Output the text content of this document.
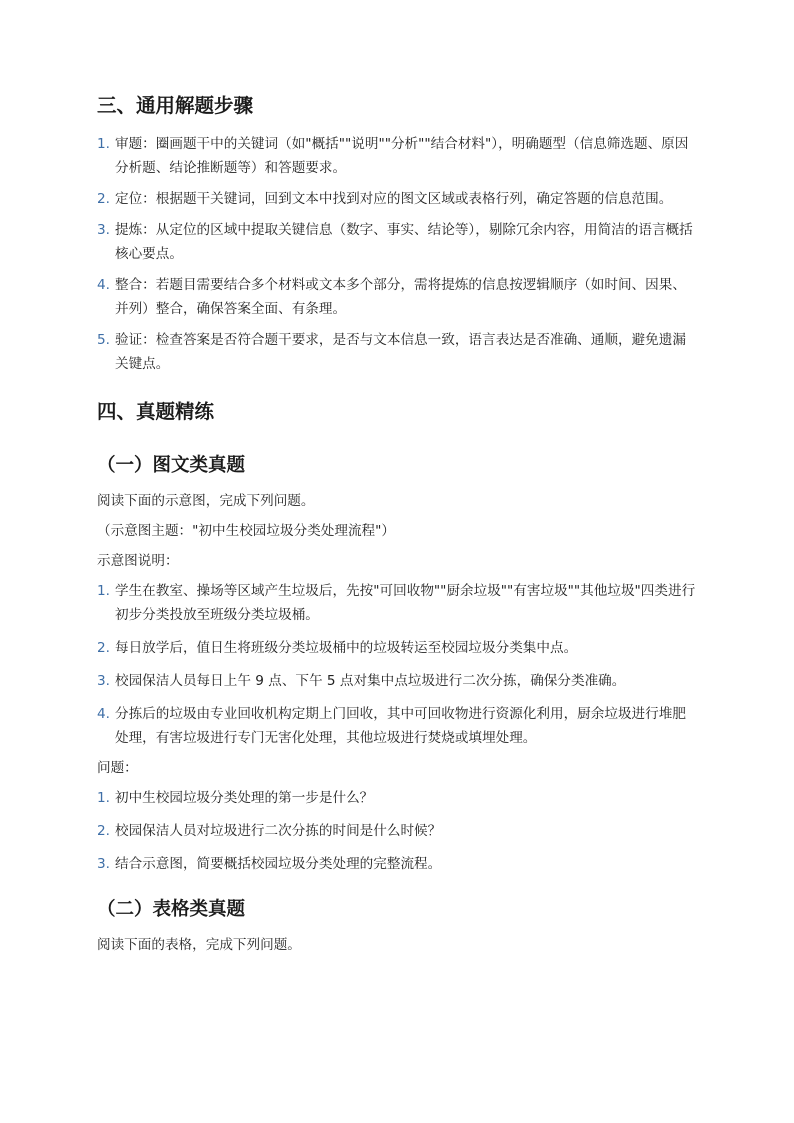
三、通用解题步骤
1. 审题：圈画题干中的关键词（如"概括""说明""分析""结合材料"），明确题型（信息筛选题、原因分析题、结论推断题等）和答题要求。
2. 定位：根据题干关键词，回到文本中找到对应的图文区域或表格行列，确定答题的信息范围。
3. 提炼：从定位的区域中提取关键信息（数字、事实、结论等），剔除冗余内容，用简洁的语言概括核心要点。
4. 整合：若题目需要结合多个材料或文本多个部分，需将提炼的信息按逻辑顺序（如时间、因果、并列）整合，确保答案全面、有条理。
5. 验证：检查答案是否符合题干要求，是否与文本信息一致，语言表达是否准确、通顺，避免遗漏关键点。
四、真题精练
（一）图文类真题

阅读下面的示意图，完成下列问题。

（示意图主题："初中生校园垃圾分类处理流程"）

示意图说明：

1. 学生在教室、操场等区域产生垃圾后，先按"可回收物""厨余垃圾""有害垃圾""其他垃圾"四类进行初步分类投放至班级分类垃圾桶。
2. 每日放学后，值日生将班级分类垃圾桶中的垃圾转运至校园垃圾分类集中点。
3. 校园保洁人员每日上午 9 点、下午 5 点对集中点垃圾进行二次分拣，确保分类准确。
4. 分拣后的垃圾由专业回收机构定期上门回收，其中可回收物进行资源化利用，厨余垃圾进行堆肥处理，有害垃圾进行专门无害化处理，其他垃圾进行焚烧或填埋处理。

问题：

1. 初中生校园垃圾分类处理的第一步是什么？
2. 校园保洁人员对垃圾进行二次分拣的时间是什么时候？
3. 结合示意图，简要概括校园垃圾分类处理的完整流程。
（二）表格类真题

阅读下面的表格，完成下列问题。
